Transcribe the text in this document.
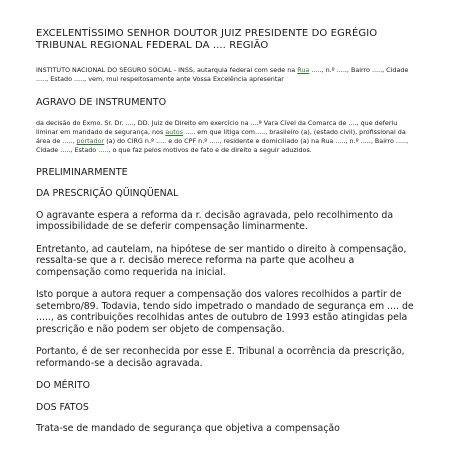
EXCELENTÍSSIMO SENHOR DOUTOR JUIZ PRESIDENTE DO EGRÉGIO TRIBUNAL REGIONAL FEDERAL DA .... REGIÃO

INSTITUTO NACIONAL DO SEGURO SOCIAL - INSS, autarquia federal com sede na Rua ....., n.º ....., Bairro ....., Cidade ....., Estado ....., vem, mui respeitosamente ante Vossa Excelência apresentar

AGRAVO DE INSTRUMENTO

da decisão do Exmo. Sr. Dr. ...., DD. Juiz de Direito em exercício na ....ª Vara Cível da Comarca de ...., que deferiu liminar em mandado de segurança, nos autos ..... em que litiga com....., brasileiro (a), (estado civil), profissional da área de ....., portador (a) do CIRG n.º ..... e do CPF n.º ....., residente e domiciliado (a) na Rua ....., n.º ....., Bairro ....., Cidade ....., Estado ....., o que faz pelos motivos de fato e de direito a seguir aduzidos.

PRELIMINARMENTE

DA PRESCRIÇÃO QÜINQÜENAL

O agravante espera a reforma da r. decisão agravada, pelo recolhimento da impossibilidade de se deferir compensação liminarmente.

Entretanto, ad cautelam, na hipótese de ser mantido o direito à compensação, ressalta-se que a r. decisão merece reforma na parte que acolheu a compensação como requerida na inicial.

Isto porque a autora requer a compensação dos valores recolhidos a partir de setembro/89. Todavia, tendo sido impetrado o mandado de segurança em .... de ....., as contribuições recolhidas antes de outubro de 1993 estão atingidas pela prescrição e não podem ser objeto de compensação.

Portanto, é de ser reconhecida por esse E. Tribunal a ocorrência da prescrição, reformando-se a decisão agravada.

DO MÉRITO

DOS FATOS

Trata-se de mandado de segurança que objetiva a compensação
